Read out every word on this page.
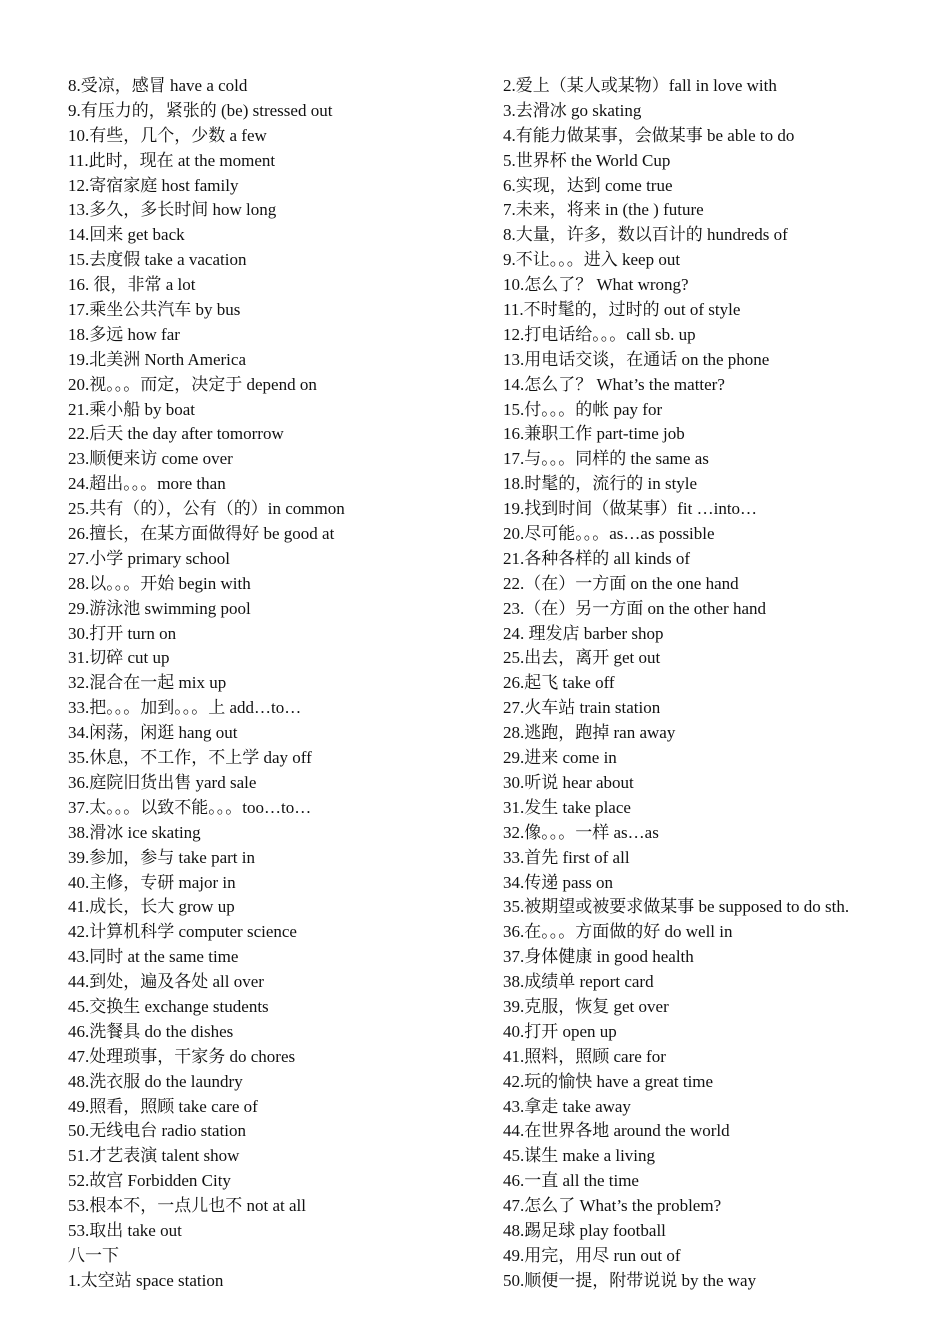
8.受凉，感冒 have a cold
9.有压力的，紧张的 (be) stressed out
10.有些，几个，少数 a few
11.此时，现在 at the moment
12.寄宿家庭 host family
13.多久，多长时间 how long
14.回来 get back
15.去度假 take a vacation
16. 很，非常 a lot
17.乘坐公共汽车 by bus
18.多远 how far
19.北美洲 North America
20.视。。。而定，决定于 depend on
21.乘小船 by boat
22.后天 the day after tomorrow
23.顺便来访 come over
24.超出。。。more than
25.共有（的），公有（的）in common
26.擅长，在某方面做得好 be good at
27.小学 primary school
28.以。。。开始 begin with
29.游泳池 swimming pool
30.打开 turn on
31.切碎 cut up
32.混合在一起 mix up
33.把。。。加到。。。上 add…to…
34.闲荡，闲逛 hang out
35.休息，不工作，不上学 day off
36.庭院旧货出售 yard sale
37.太。。。以致不能。。。too…to…
38.滑冰 ice skating
39.参加，参与 take part in
40.主修，专研 major in
41.成长，长大 grow up
42.计算机科学 computer science
43.同时 at the same time
44.到处，遍及各处 all over
45.交换生 exchange students
46.洗餐具 do the dishes
47.处理琐事，干家务 do chores
48.洗衣服 do the laundry
49.照看，照顾 take care of
50.无线电台 radio station
51.才艺表演 talent show
52.故宫 Forbidden City
53.根本不，一点儿也不 not at all
53.取出 take out
八一下
1.太空站 space station
2.爱上（某人或某物）fall in love with
3.去滑冰 go skating
4.有能力做某事，会做某事 be able to do
5.世界杯 the World Cup
6.实现，达到 come true
7.未来，将来 in (the ) future
8.大量，许多，数以百计的 hundreds of
9.不让。。。进入 keep out
10.怎么了？ What wrong?
11.不时髦的，过时的 out of style
12.打电话给。。。call sb. up
13.用电话交谈，在通话 on the phone
14.怎么了？ What’s the matter?
15.付。。。的帐 pay for
16.兼职工作 part-time job
17.与。。。同样的 the same as
18.时髦的，流行的 in style
19.找到时间（做某事）fit …into…
20.尽可能。。。as…as possible
21.各种各样的 all kinds of
22.（在）一方面 on the one hand
23.（在）另一方面 on the other hand
24. 理发店 barber shop
25.出去，离开 get out
26.起飞 take off
27.火车站 train station
28.逃跑，跑掉 ran away
29.进来 come in
30.听说 hear about
31.发生 take place
32.像。。。一样 as…as
33.首先 first of all
34.传递 pass on
35.被期望或被要求做某事 be supposed to do sth.
36.在。。。方面做的好 do well in
37.身体健康 in good health
38.成绩单 report card
39.克服，恢复 get over
40.打开 open up
41.照料，照顾 care for
42.玩的愉快 have a great time
43.拿走 take away
44.在世界各地 around the world
45.谋生 make a living
46.一直 all the time
47.怎么了 What’s the problem?
48.踢足球 play football
49.用完，用尽 run out of
50.顺便一提，附带说说 by the way
